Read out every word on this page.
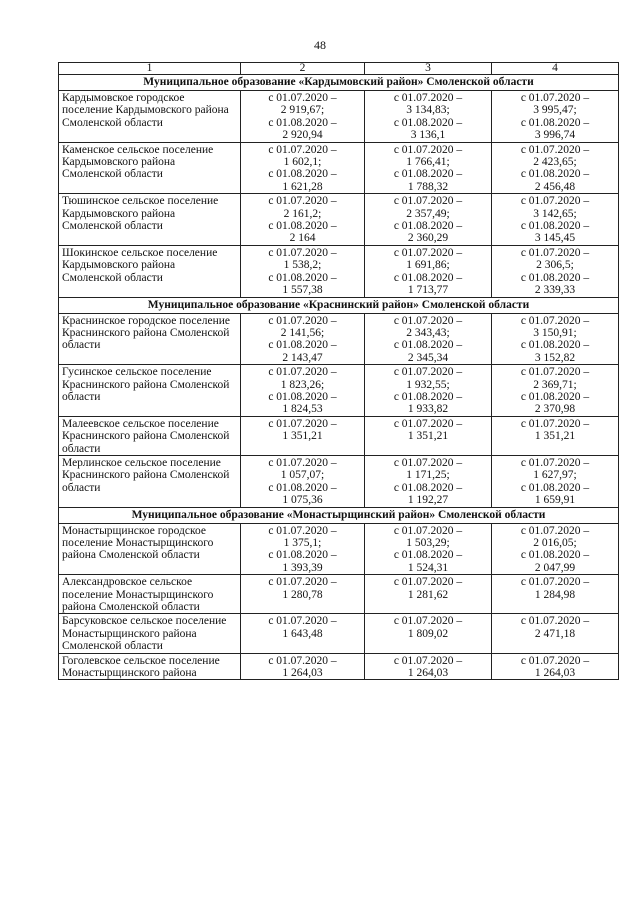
48
1	2	3	4
Муниципальное образование «Кардымовский район» Смоленской области			
Кардымовское городское поселение Кардымовского района Смоленской области	с 01.07.2020 –
2 919,67;
с 01.08.2020 –
2 920,94	с 01.07.2020 –
3 134,83;
с 01.08.2020 –
3 136,1	с 01.07.2020 –
3 995,47;
с 01.08.2020 –
3 996,74

Каменское сельское поселение Кардымовского района Смоленской области	с 01.07.2020 –
1 602,1;
с 01.08.2020 –
1 621,28	с 01.07.2020 –
1 766,41;
с 01.08.2020 –
1 788,32	с 01.07.2020 –
2 423,65;
с 01.08.2020 –
2 456,48

Тюшинское сельское поселение Кардымовского района Смоленской области	с 01.07.2020 –
2 161,2;
с 01.08.2020 –
2 164	с 01.07.2020 –
2 357,49;
с 01.08.2020 –
2 360,29	с 01.07.2020 –
3 142,65;
с 01.08.2020 –
3 145,45

Шокинское сельское поселение Кардымовского района Смоленской области	с 01.07.2020 –
1 538,2;
с 01.08.2020 –
1 557,38	с 01.07.2020 –
1 691,86;
с 01.08.2020 –
1 713,77	с 01.07.2020 –
2 306,5;
с 01.08.2020 –
2 339,33

Муниципальное образование «Краснинский район» Смоленской области			
Краснинское городское поселение Краснинского района Смоленской области	с 01.07.2020 –
2 141,56;
с 01.08.2020 –
2 143,47	с 01.07.2020 –
2 343,43;
с 01.08.2020 –
2 345,34	с 01.07.2020 –
3 150,91;
с 01.08.2020 –
3 152,82

Гусинское сельское поселение Краснинского района Смоленской области	с 01.07.2020 –
1 823,26;
с 01.08.2020 –
1 824,53	с 01.07.2020 –
1 932,55;
с 01.08.2020 –
1 933,82	с 01.07.2020 –
2 369,71;
с 01.08.2020 –
2 370,98

Малеевское сельское поселение Краснинского района Смоленской области	с 01.07.2020 –
1 351,21	с 01.07.2020 –
1 351,21	с 01.07.2020 –
1 351,21

Мерлинское сельское поселение Краснинского района Смоленской области	с 01.07.2020 –
1 057,07;
с 01.08.2020 –
1 075,36	с 01.07.2020 –
1 171,25;
с 01.08.2020 –
1 192,27	с 01.07.2020 –
1 627,97;
с 01.08.2020 –
1 659,91

Муниципальное образование «Монастырщинский район» Смоленской области			
Монастырщинское городское поселение Монастырщинского района Смоленской области	с 01.07.2020 –
1 375,1;
с 01.08.2020 –
1 393,39	с 01.07.2020 –
1 503,29;
с 01.08.2020 –
1 524,31	с 01.07.2020 –
2 016,05;
с 01.08.2020 –
2 047,99

Александровское сельское поселение Монастырщинского района Смоленской области	с 01.07.2020 –
1 280,78	с 01.07.2020 –
1 281,62	с 01.07.2020 –
1 284,98

Барсуковское сельское поселение Монастырщинского района Смоленской области	с 01.07.2020 –
1 643,48	с 01.07.2020 –
1 809,02	с 01.07.2020 –
2 471,18

Гоголевское сельское поселение Монастырщинского района	с 01.07.2020 –
1 264,03	с 01.07.2020 –
1 264,03	с 01.07.2020 –
1 264,03
